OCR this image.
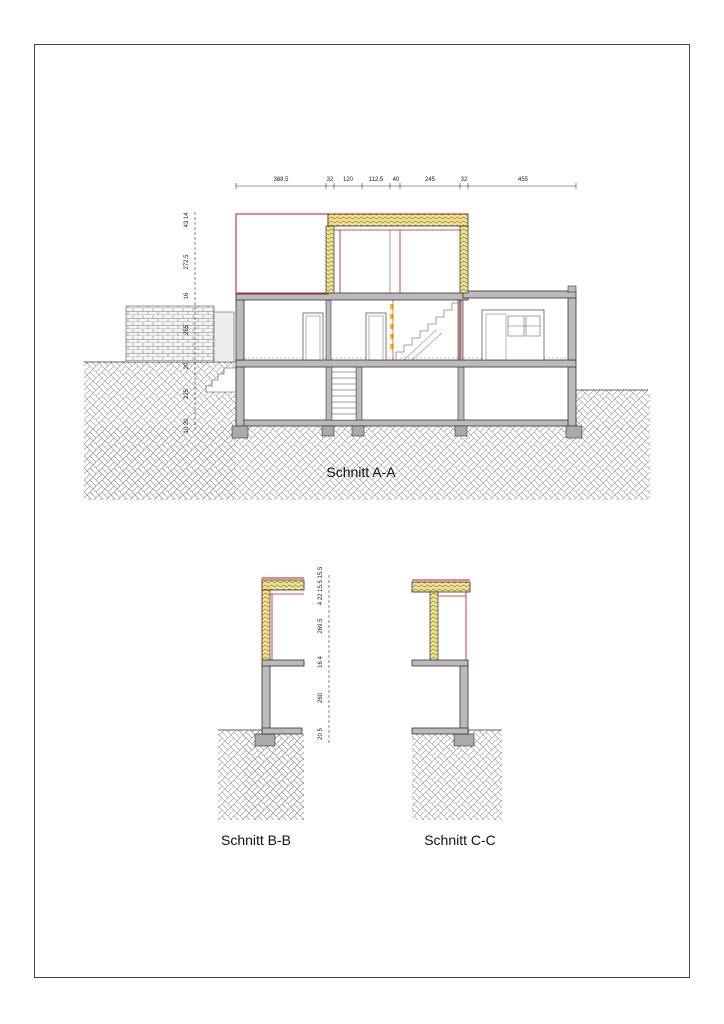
368.5	32 120	112.5 40	245	32	455
43 14
272.5
16
265
20
225
10 20
Schnitt A-A
4 22 15.5 15.5
269.5
16 4
260
20 5
Schnitt B-B	Schnitt C-C
